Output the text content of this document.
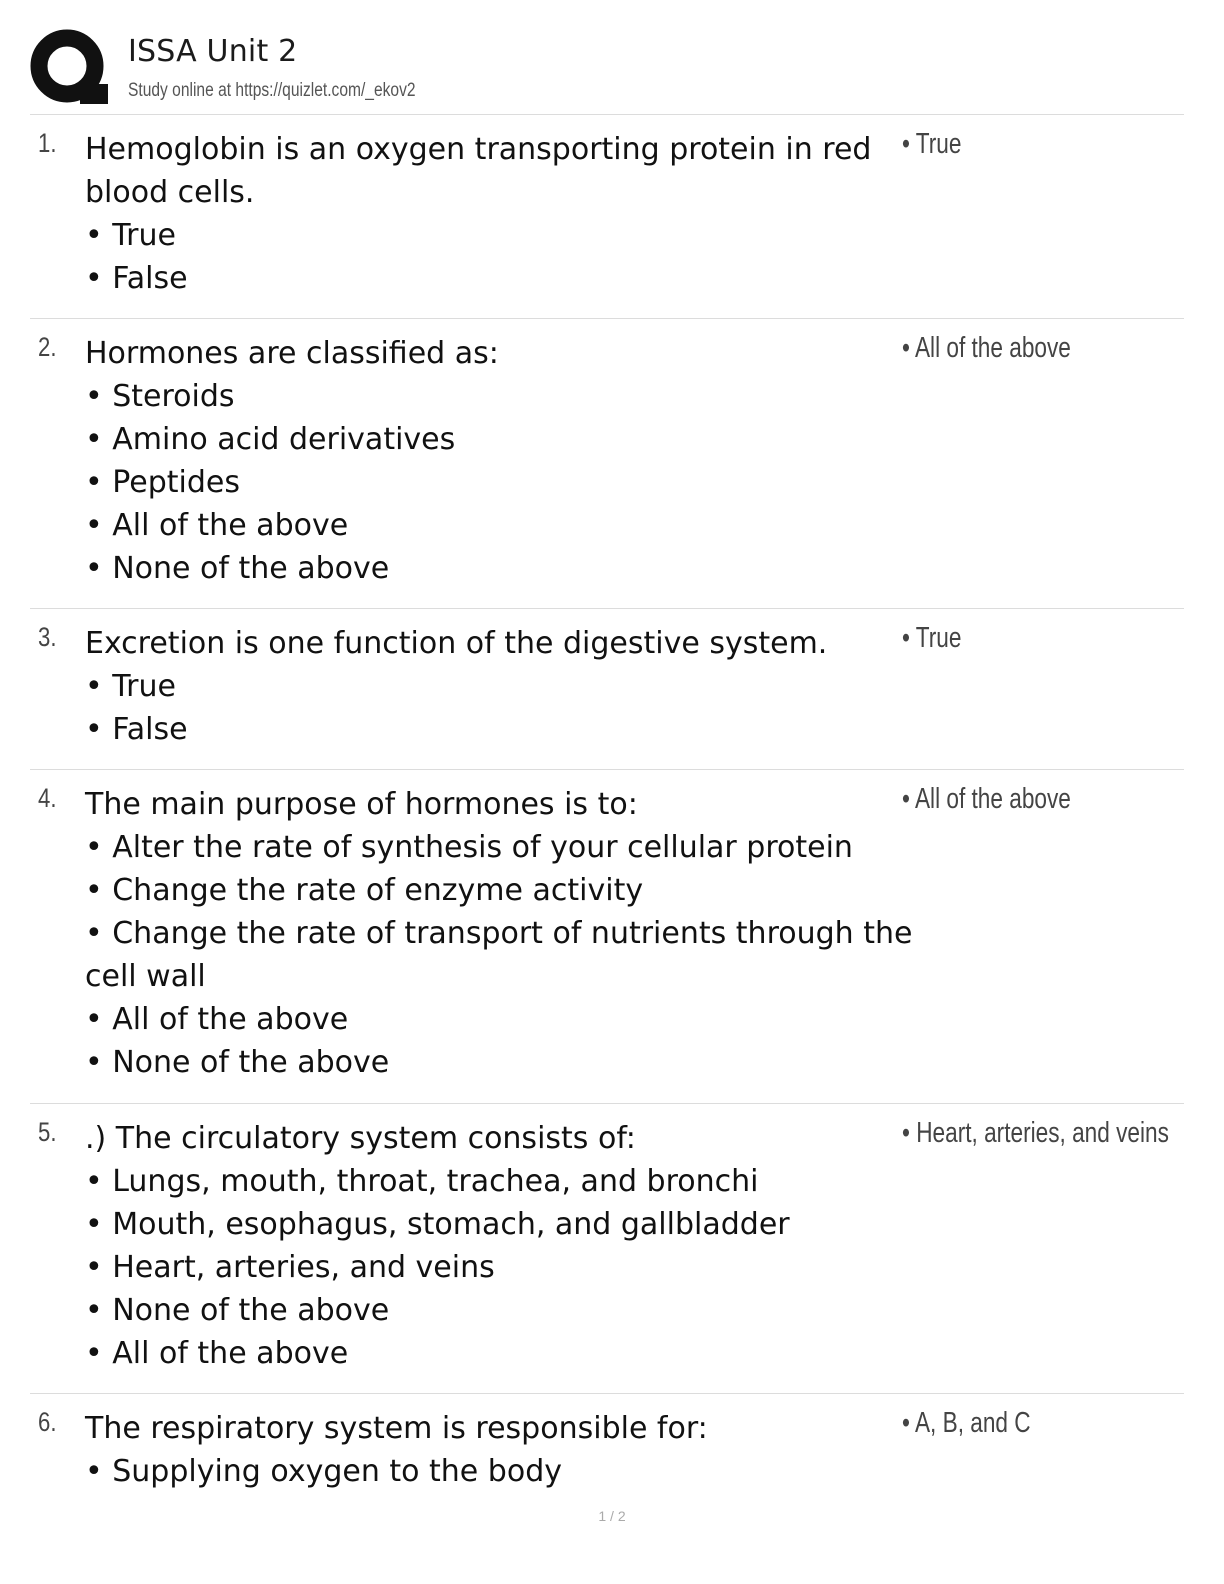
ISSA Unit 2
Study online at https://quizlet.com/_ekov2
1. Hemoglobin is an oxygen transporting protein in red
blood cells.
• True
• False
• True
2. Hormones are classified as:
• Steroids
• Amino acid derivatives
• Peptides
• All of the above
• None of the above
• All of the above
3. Excretion is one function of the digestive system.
• True
• False
• True
4. The main purpose of hormones is to:
• Alter the rate of synthesis of your cellular protein
• Change the rate of enzyme activity
• Change the rate of transport of nutrients through the
cell wall
• All of the above
• None of the above
• All of the above
5. .) The circulatory system consists of:
• Lungs, mouth, throat, trachea, and bronchi
• Mouth, esophagus, stomach, and gallbladder
• Heart, arteries, and veins
• None of the above
• All of the above
• Heart, arteries, and veins
6. The respiratory system is responsible for:
• Supplying oxygen to the body
• A, B, and C
1 / 2
